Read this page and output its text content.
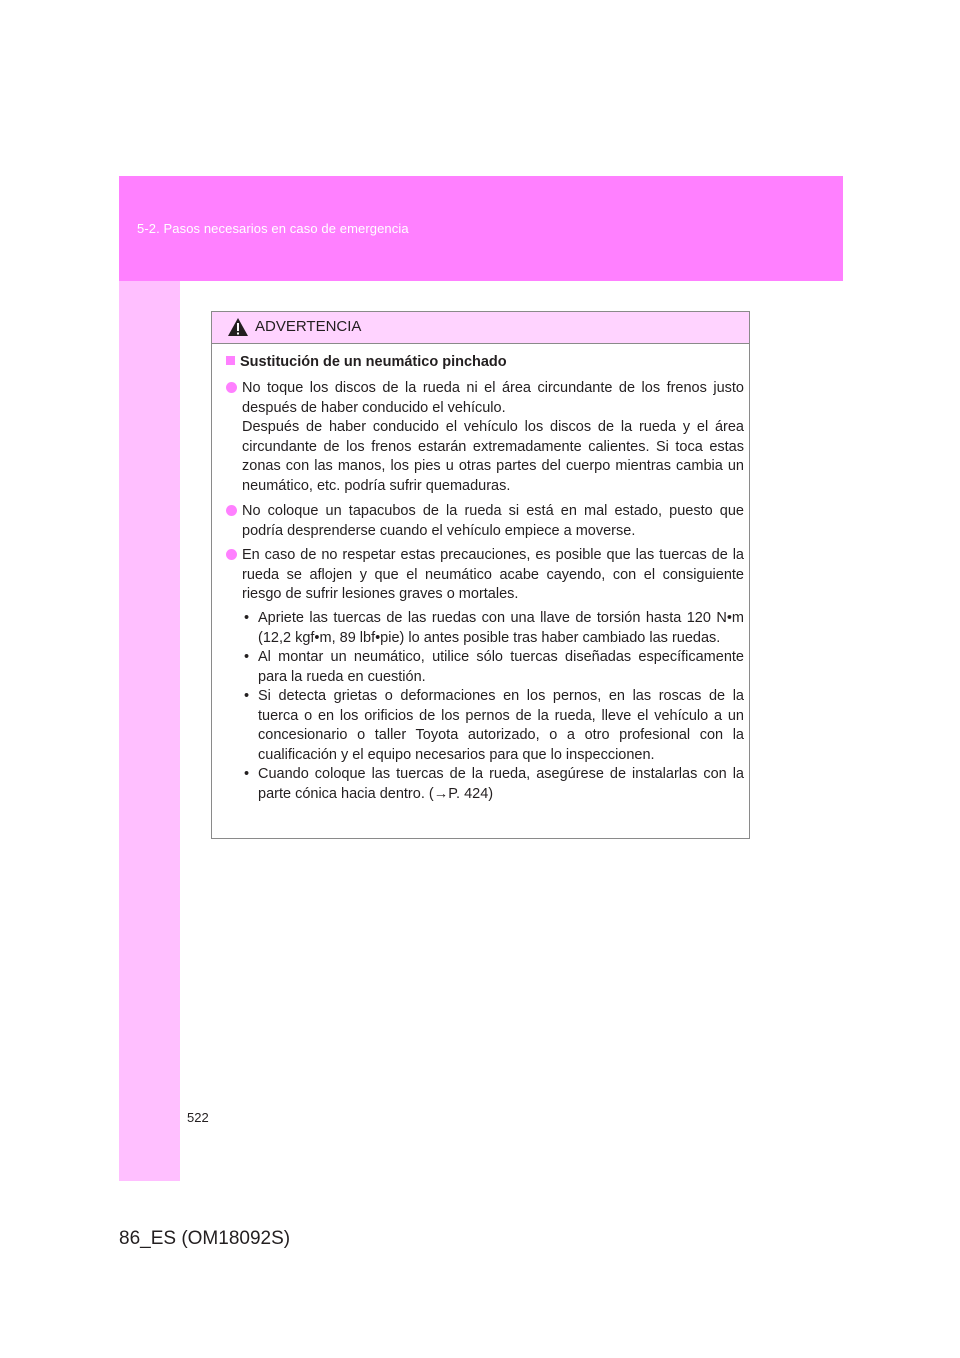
5-2. Pasos necesarios en caso de emergencia
ADVERTENCIA
Sustitución de un neumático pinchado

No toque los discos de la rueda ni el área circundante de los frenos justo después de haber conducido el vehículo.

Después de haber conducido el vehículo los discos de la rueda y el área circundante de los frenos estarán extremadamente calientes. Si toca estas zonas con las manos, los pies u otras partes del cuerpo mientras cambia un neumático, etc. podría sufrir quemaduras.

No coloque un tapacubos de la rueda si está en mal estado, puesto que podría desprenderse cuando el vehículo empiece a moverse.

En caso de no respetar estas precauciones, es posible que las tuercas de la rueda se aflojen y que el neumático acabe cayendo, con el consiguiente riesgo de sufrir lesiones graves o mortales.

• Apriete las tuercas de las ruedas con una llave de torsión hasta 120 N•m (12,2 kgf•m, 89 lbf•pie) lo antes posible tras haber cambiado las ruedas.
• Al montar un neumático, utilice sólo tuercas diseñadas específicamente para la rueda en cuestión.
• Si detecta grietas o deformaciones en los pernos, en las roscas de la tuerca o en los orificios de los pernos de la rueda, lleve el vehículo a un concesionario o taller Toyota autorizado, o a otro profesional con la cualificación y el equipo necesarios para que lo inspeccionen.
• Cuando coloque las tuercas de la rueda, asegúrese de instalarlas con la parte cónica hacia dentro. (→P. 424)
522
86_ES (OM18092S)
